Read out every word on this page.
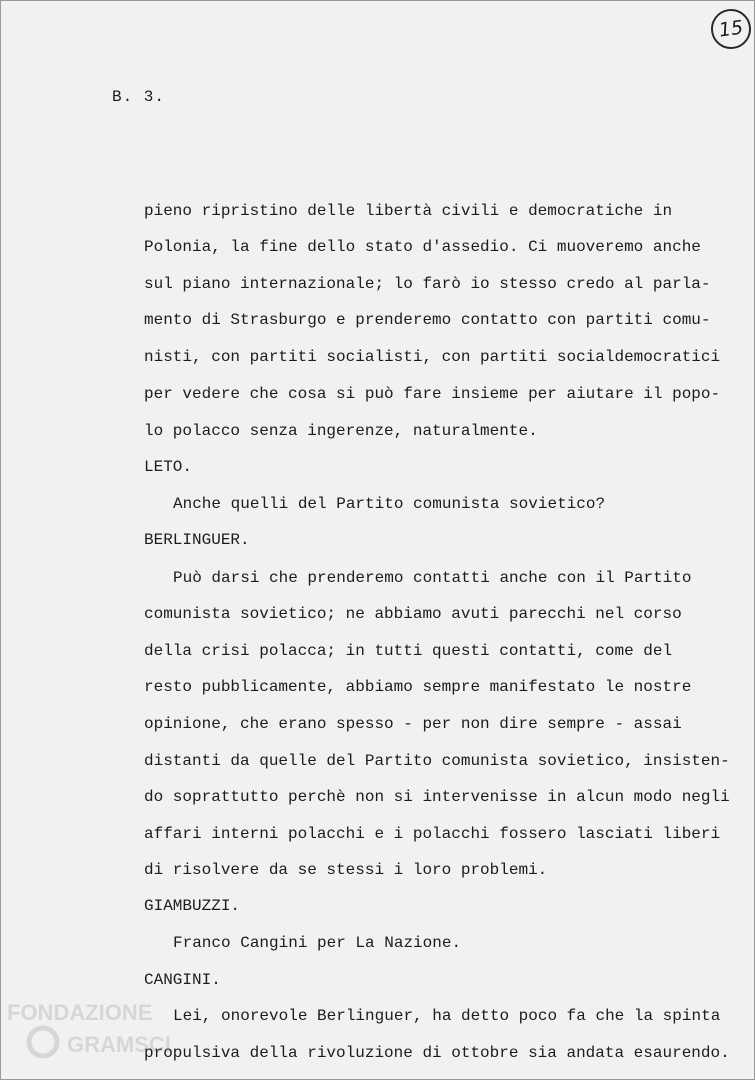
15

B. 3.

pieno ripristino delle libertà civili e democratiche in

Polonia, la fine dello stato d'assedio. Ci muoveremo anche

sul piano internazionale; lo farò io stesso credo al parla-

mento di Strasburgo e prenderemo contatto con partiti comu-

nisti, con partiti socialisti, con partiti socialdemocratici

per vedere che cosa si può fare insieme per aiutare il popo-

lo polacco senza ingerenze, naturalmente.

LETO.

Anche quelli del Partito comunista sovietico?

BERLINGUER.

Può darsi che prenderemo contatti anche con il Partito

comunista sovietico; ne abbiamo avuti parecchi nel corso

della crisi polacca; in tutti questi contatti, come del

resto pubblicamente, abbiamo sempre manifestato le nostre

opinione, che erano spesso - per non dire sempre - assai

distanti da quelle del Partito comunista sovietico, insisten-

do soprattutto perchè non si intervenisse in alcun modo negli

affari interni polacchi e i polacchi fossero lasciati liberi

di risolvere da se stessi i loro problemi.

GIAMBUZZI.

Franco Cangini per La Nazione.

CANGINI.

Lei, onorevole Berlinguer, ha detto poco fa che la spinta

propulsiva della rivoluzione di ottobre sia andata esaurendo.

FONDAZIONE
GRAMSCI
